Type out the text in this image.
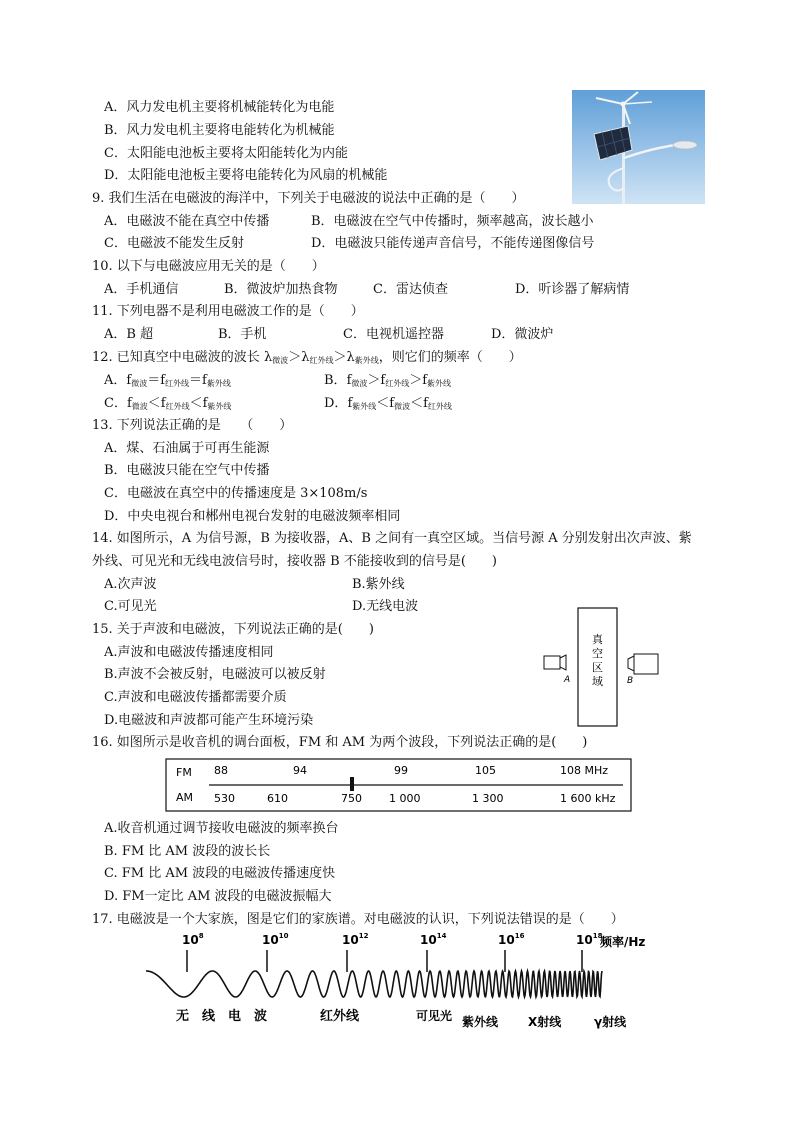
A．风力发电机主要将机械能转化为电能
B．风力发电机主要将电能转化为机械能
C．太阳能电池板主要将太阳能转化为内能
D．太阳能电池板主要将电能转化为风扇的机械能
9. 我们生活在电磁波的海洋中，下列关于电磁波的说法中正确的是（　　）
A．电磁波不能在真空中传播	B．电磁波在空气中传播时，频率越高，波长越小
C．电磁波不能发生反射	D．电磁波只能传递声音信号，不能传递图像信号
10. 以下与电磁波应用无关的是（　　）
A．手机通信	B．微波炉加热食物	C．雷达侦查	D．听诊器了解病情
11. 下列电器不是利用电磁波工作的是（　　）
A．B 超	B．手机	C．电视机遥控器	D．微波炉
12. 已知真空中电磁波的波长 $\lambda_{微波}>\lambda_{红外线}>\lambda_{紫外线}$，则它们的频率（　　）
A．$f_{微波}=f_{红外线}=f_{紫外线}$	B．$f_{微波}>f_{红外线}>f_{紫外线}$
C．$f_{微波}<f_{红外线}<f_{紫外线}$	D．$f_{紫外线}<f_{微波}<f_{红外线}$
13. 下列说法正确的是　　（　　）
A．煤、石油属于可再生能源
B．电磁波只能在空气中传播
C．电磁波在真空中的传播速度是 3×108m/s
D．中央电视台和郴州电视台发射的电磁波频率相同
14. 如图所示，A 为信号源，B 为接收器，A、B 之间有一真空区域。当信号源 A 分别发射出次声波、紫
外线、可见光和无线电波信号时，接收器 B 不能接收到的信号是(　　)
A.次声波	B.紫外线
C.可见光	D.无线电波
真
空
区
域
A	B
15. 关于声波和电磁波，下列说法正确的是(　　)
A.声波和电磁波传播速度相同
B.声波不会被反射，电磁波可以被反射
C.声波和电磁波传播都需要介质
D.电磁波和声波都可能产生环境污染
16. 如图所示是收音机的调台面板，FM 和 AM 为两个波段，下列说法正确的是(　　)
FM
AM
88	94	99	105	108 MHz
530	610	750 1 000	1 300	1 600 kHz
A.收音机通过调节接收电磁波的频率换台
B. FM 比 AM 波段的波长长
C. FM 比 AM 波段的电磁波传播速度快
D. FM一定比 AM 波段的电磁波振幅大
17. 电磁波是一个大家族，图是它们的家族谱。对电磁波的认识，下列说法错误的是（　　）
$10^8$	$10^{10}$	$10^{12}$	$10^{14}$	$10^{16}$	$10^{18}$
频率/Hz
无　线　电　波	红外线	可见光 紫外线 X射线	γ射线
